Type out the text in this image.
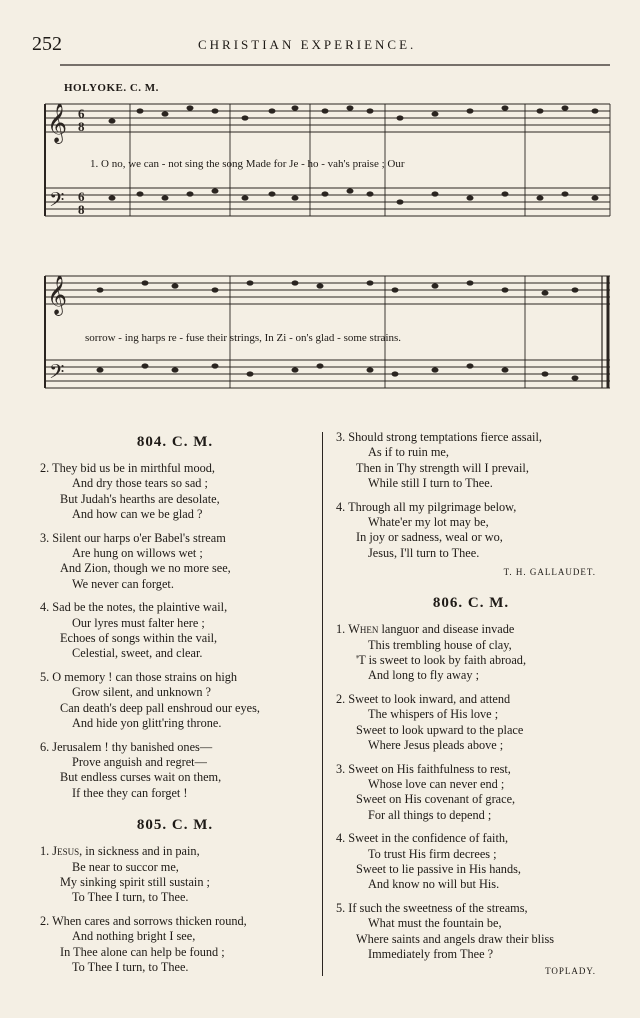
252	CHRISTIAN EXPERIENCE.
HOLYOKE. C. M.
𝄞
𝄢
6
8
6
8
1. O no, we can - not sing the song Made for Je - ho - vah's praise ; Our
𝄞
𝄢
sorrow - ing harps re - fuse their strings, In Zi - on's glad - some strains.
804. C. M.
2. They bid us be in mirthful mood,
And dry those tears so sad ;
But Judah's hearths are desolate,
And how can we be glad ?
3. Silent our harps o'er Babel's stream
Are hung on willows wet ;
And Zion, though we no more see,
We never can forget.
4. Sad be the notes, the plaintive wail,
Our lyres must falter here ;
Echoes of songs within the vail,
Celestial, sweet, and clear.
5. O memory ! can those strains on high
Grow silent, and unknown ?
Can death's deep pall enshroud our eyes,
And hide yon glitt'ring throne.
6. Jerusalem ! thy banished ones—
Prove anguish and regret—
But endless curses wait on them,
If thee they can forget !
805. C. M.
1. Jesus, in sickness and in pain,
Be near to succor me,
My sinking spirit still sustain ;
To Thee I turn, to Thee.
2. When cares and sorrows thicken round,
And nothing bright I see,
In Thee alone can help be found ;
To Thee I turn, to Thee.
3. Should strong temptations fierce assail,
As if to ruin me,
Then in Thy strength will I prevail,
While still I turn to Thee.
4. Through all my pilgrimage below,
Whate'er my lot may be,
In joy or sadness, weal or wo,
Jesus, I'll turn to Thee.
T. H. GALLAUDET.
806. C. M.
1. When languor and disease invade
This trembling house of clay,
'T is sweet to look by faith abroad,
And long to fly away ;
2. Sweet to look inward, and attend
The whispers of His love ;
Sweet to look upward to the place
Where Jesus pleads above ;
3. Sweet on His faithfulness to rest,
Whose love can never end ;
Sweet on His covenant of grace,
For all things to depend ;
4. Sweet in the confidence of faith,
To trust His firm decrees ;
Sweet to lie passive in His hands,
And know no will but His.
5. If such the sweetness of the streams,
What must the fountain be,
Where saints and angels draw their bliss
Immediately from Thee ?
TOPLADY.
